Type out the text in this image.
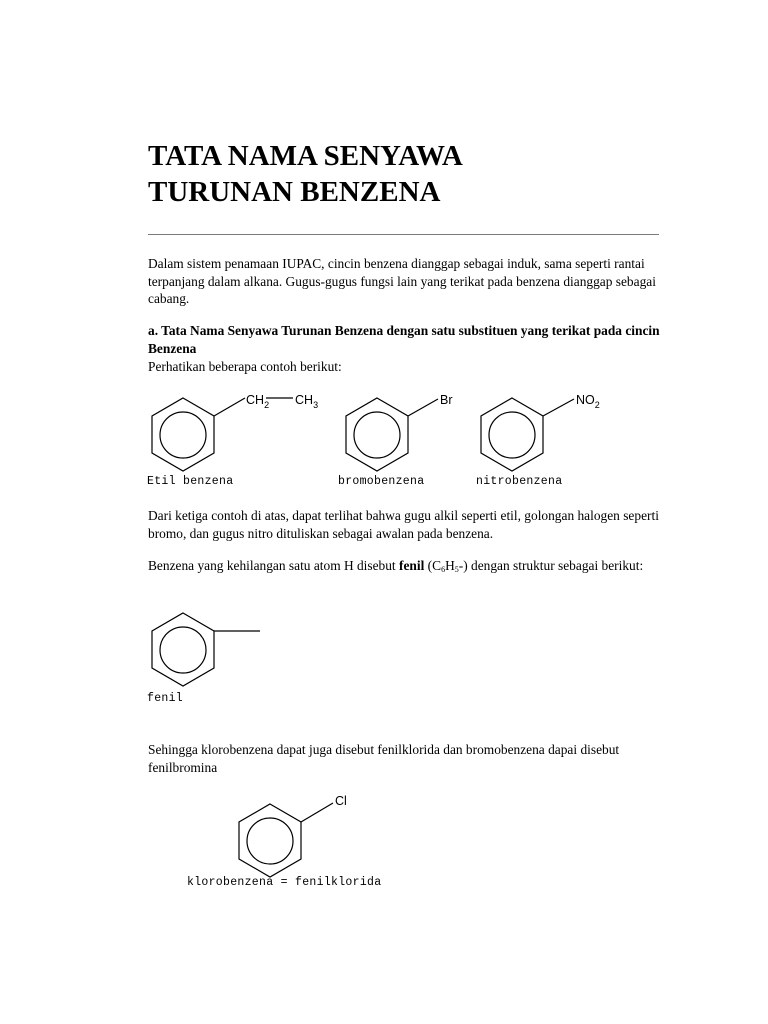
TATA NAMA SENYAWA
TURUNAN BENZENA

Dalam sistem penamaan IUPAC, cincin benzena dianggap sebagai induk, sama seperti rantai terpanjang dalam alkana. Gugus-gugus fungsi lain yang terikat pada benzena dianggap sebagai cabang.

a. Tata Nama Senyawa Turunan Benzena dengan satu substituen yang terikat pada cincin Benzena

Perhatikan beberapa contoh berikut:

$CH_2$ $CH_3$	Br	$NO_2$
Cl
Etil benzena	bromobenzena	nitrobenzena

Dari ketiga contoh di atas, dapat terlihat bahwa gugu alkil seperti etil, golongan halogen seperti bromo, dan gugus nitro dituliskan sebagai awalan pada benzena.

Benzena yang kehilangan satu atom H disebut fenil (C6H5-) dengan struktur sebagai berikut:

fenil

Sehingga klorobenzena dapat juga disebut fenilklorida dan bromobenzena dapai disebut fenilbromina

klorobenzena = fenilklorida
